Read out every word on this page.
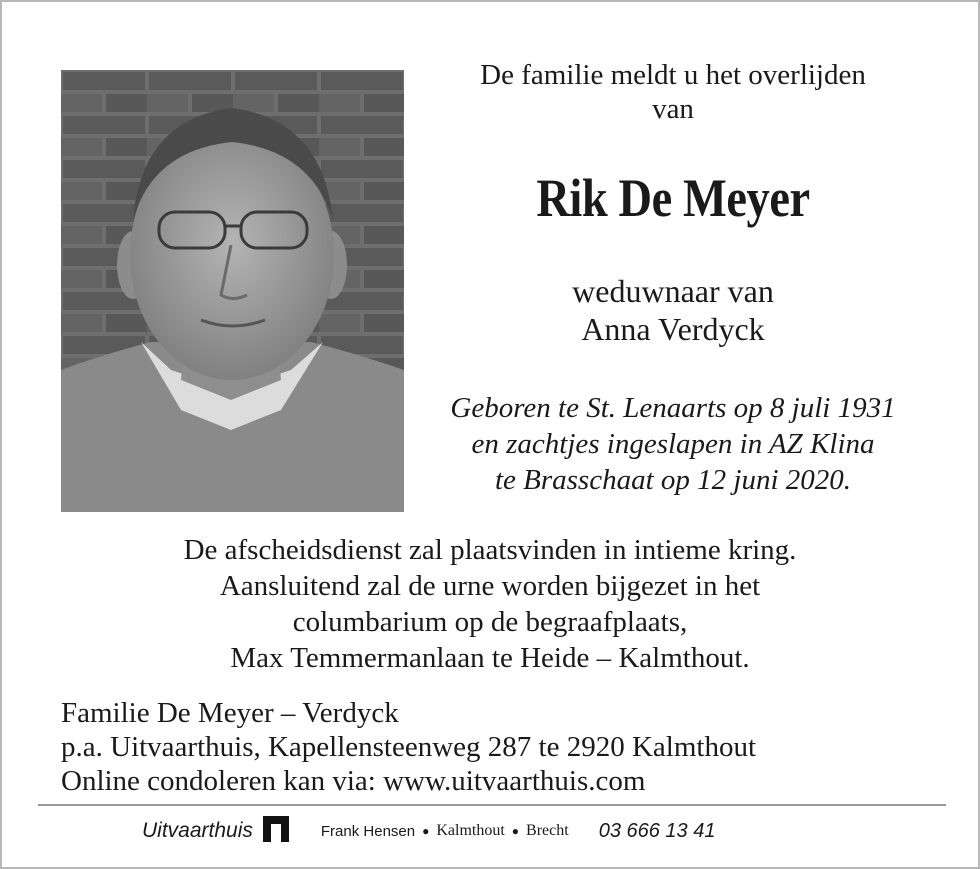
De familie meldt u het overlijden
van
Rik De Meyer
weduwnaar van
Anna Verdyck
Geboren te St. Lenaarts op 8 juli 1931
en zachtjes ingeslapen in AZ Klina
te Brasschaat op 12 juni 2020.
De afscheidsdienst zal plaatsvinden in intieme kring.
Aansluitend zal de urne worden bijgezet in het
columbarium op de begraafplaats,
Max Temmermanlaan te Heide – Kalmthout.
Familie De Meyer – Verdyck
p.a. Uitvaarthuis, Kapellensteenweg 287 te 2920 Kalmthout
Online condoleren kan via: www.uitvaarthuis.com
Uitvaarthuis	Frank Hensen ● Kalmthout ● Brecht 03 666 13 41
